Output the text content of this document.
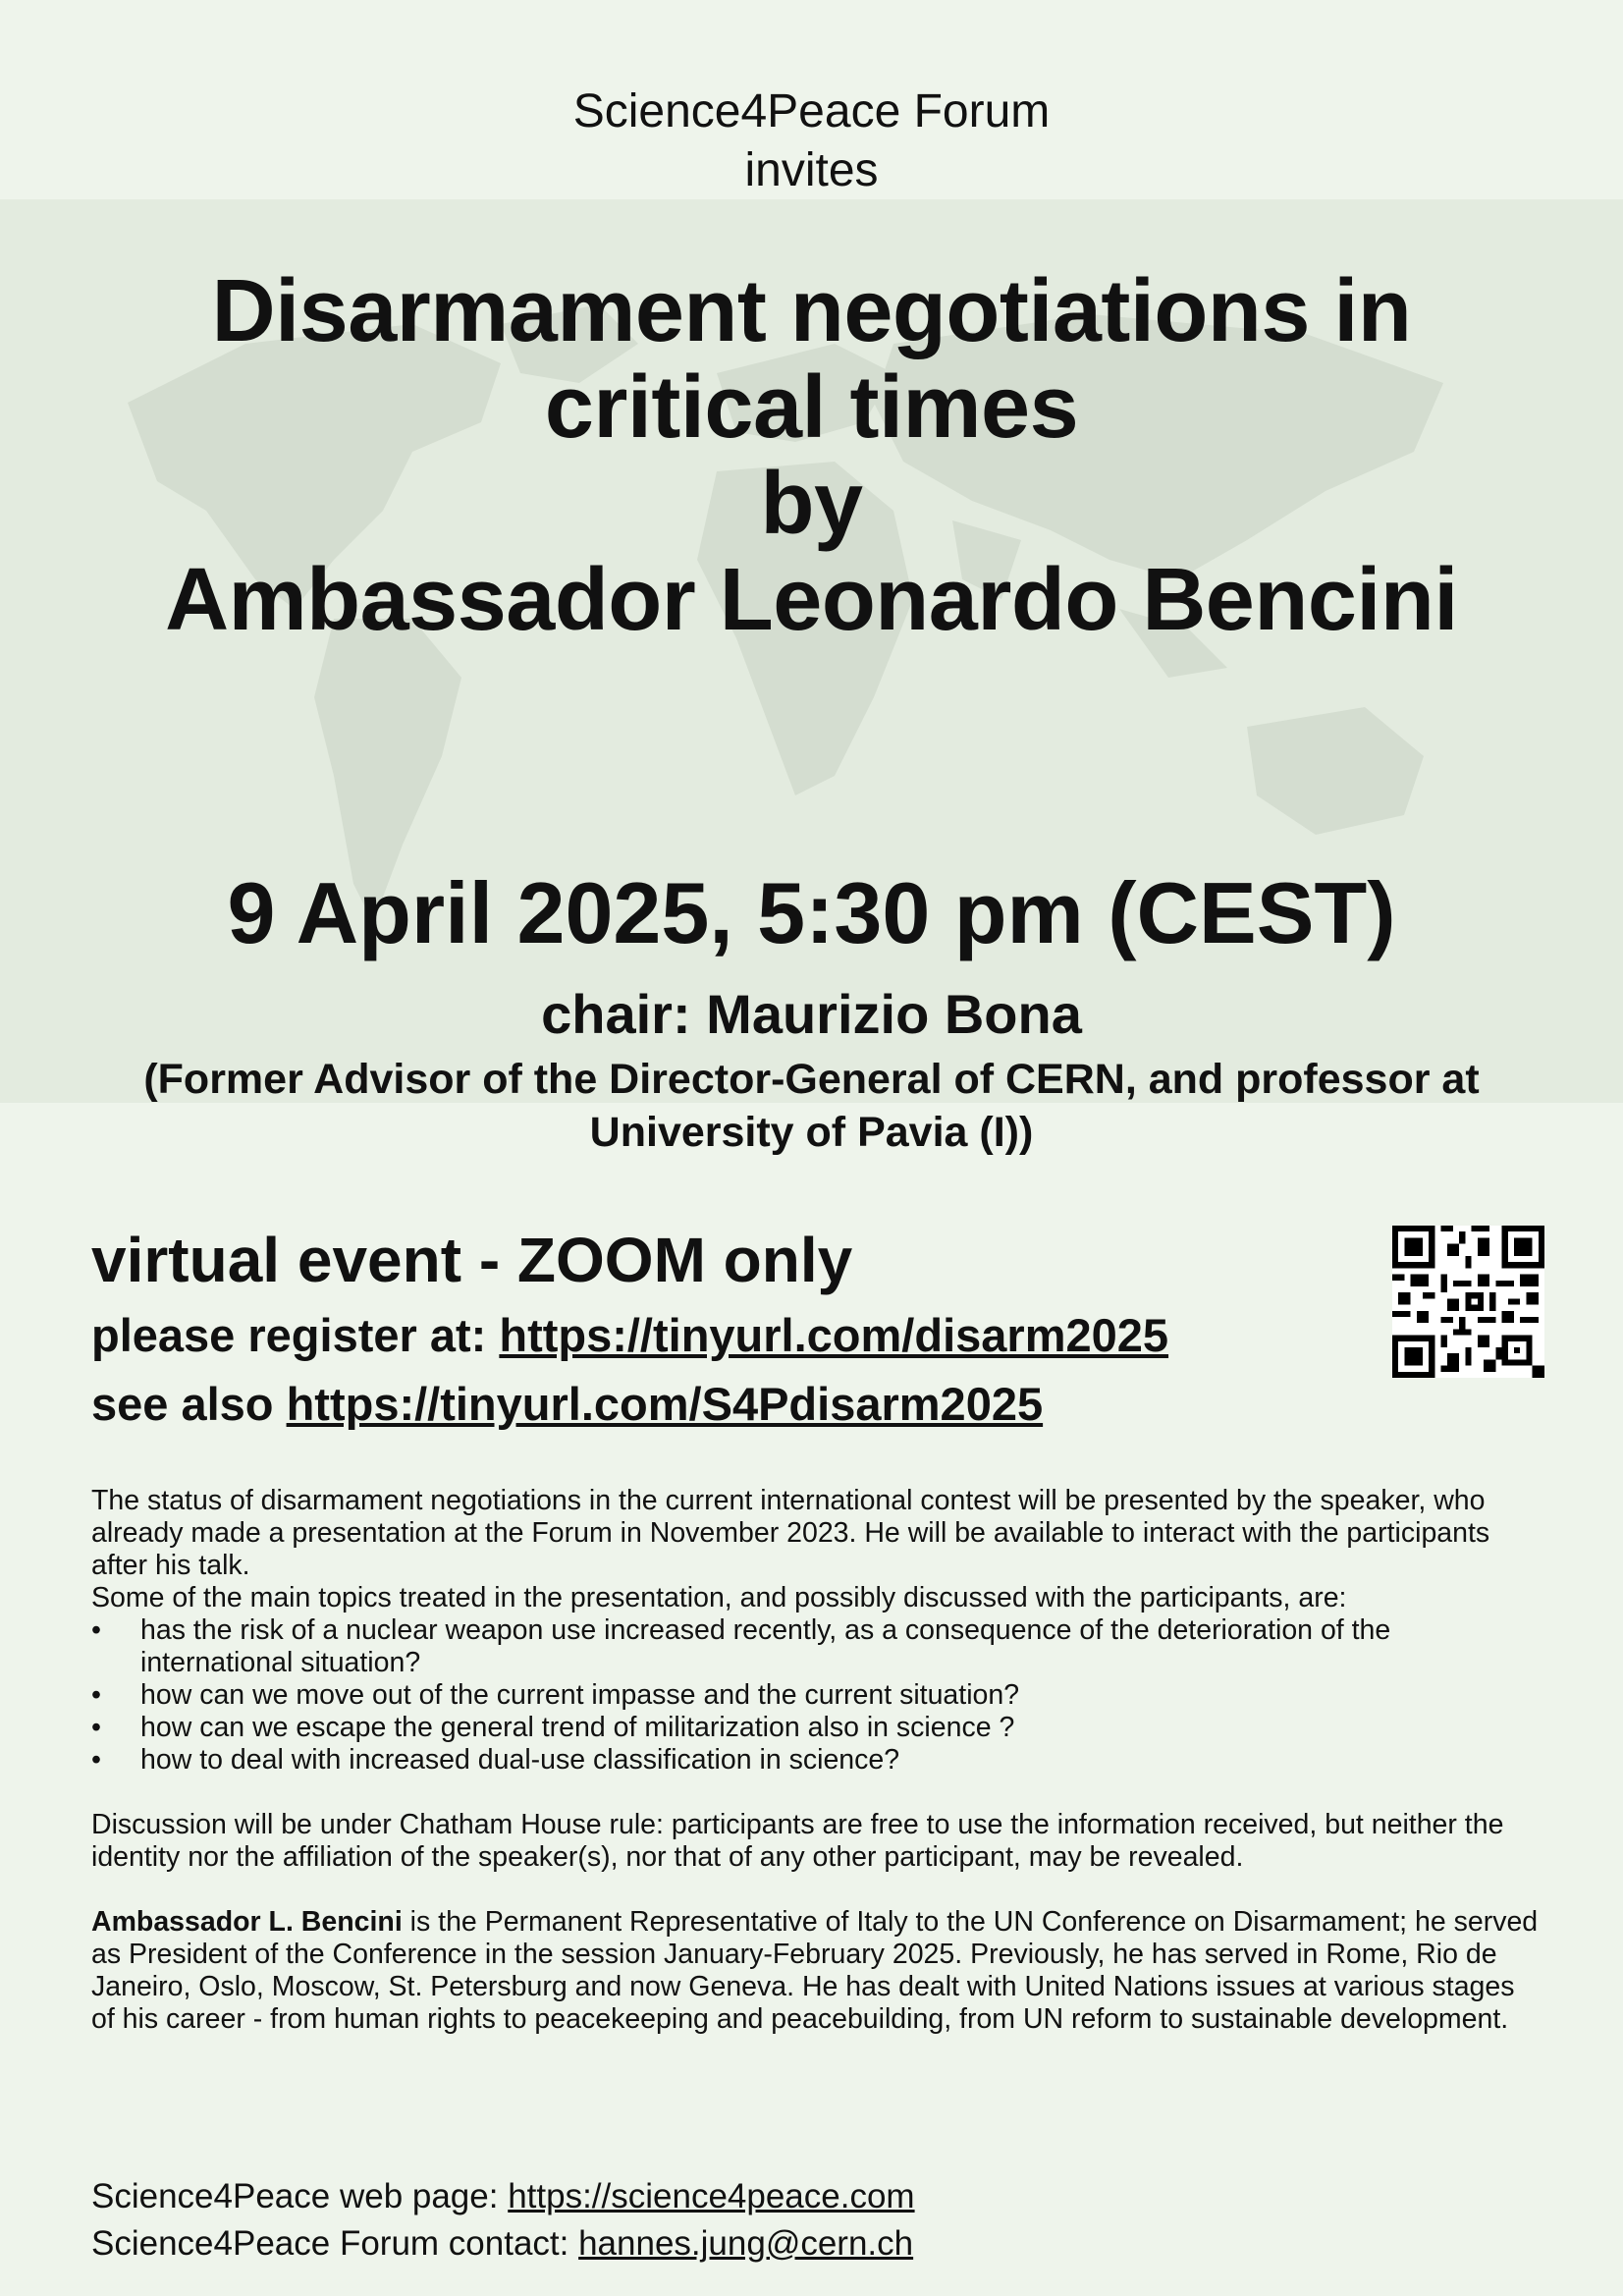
Science4Peace Forum
invites
Disarmament negotiations in
critical times
by
Ambassador Leonardo Bencini
9 April 2025, 5:30 pm (CEST)
chair: Maurizio Bona
(Former Advisor of the Director-General of CERN, and professor at
University of Pavia (I))
virtual event - ZOOM only
please register at: https://tinyurl.com/disarm2025
see also https://tinyurl.com/S4Pdisarm2025

The status of disarmament negotiations in the current international contest will be presented by the speaker, who already made a presentation at the Forum in November 2023. He will be available to interact with the participants after his talk.

Some of the main topics treated in the presentation, and possibly discussed with the participants, are:

• has the risk of a nuclear weapon use increased recently, as a consequence of the deterioration of the international situation?
• how can we move out of the current impasse and the current situation?
• how can we escape the general trend of militarization also in science ?
• how to deal with increased dual-use classification in science?

Discussion will be under Chatham House rule: participants are free to use the information received, but neither the identity nor the affiliation of the speaker(s), nor that of any other participant, may be revealed.

Ambassador L. Bencini is the Permanent Representative of Italy to the UN Conference on Disarmament; he served as President of the Conference in the session January-February 2025. Previously, he has served in Rome, Rio de Janeiro, Oslo, Moscow, St. Petersburg and now Geneva. He has dealt with United Nations issues at various stages of his career - from human rights to peacekeeping and peacebuilding, from UN reform to sustainable development.

Science4Peace web page: https://science4peace.com
Science4Peace Forum contact: hannes.jung@cern.ch
